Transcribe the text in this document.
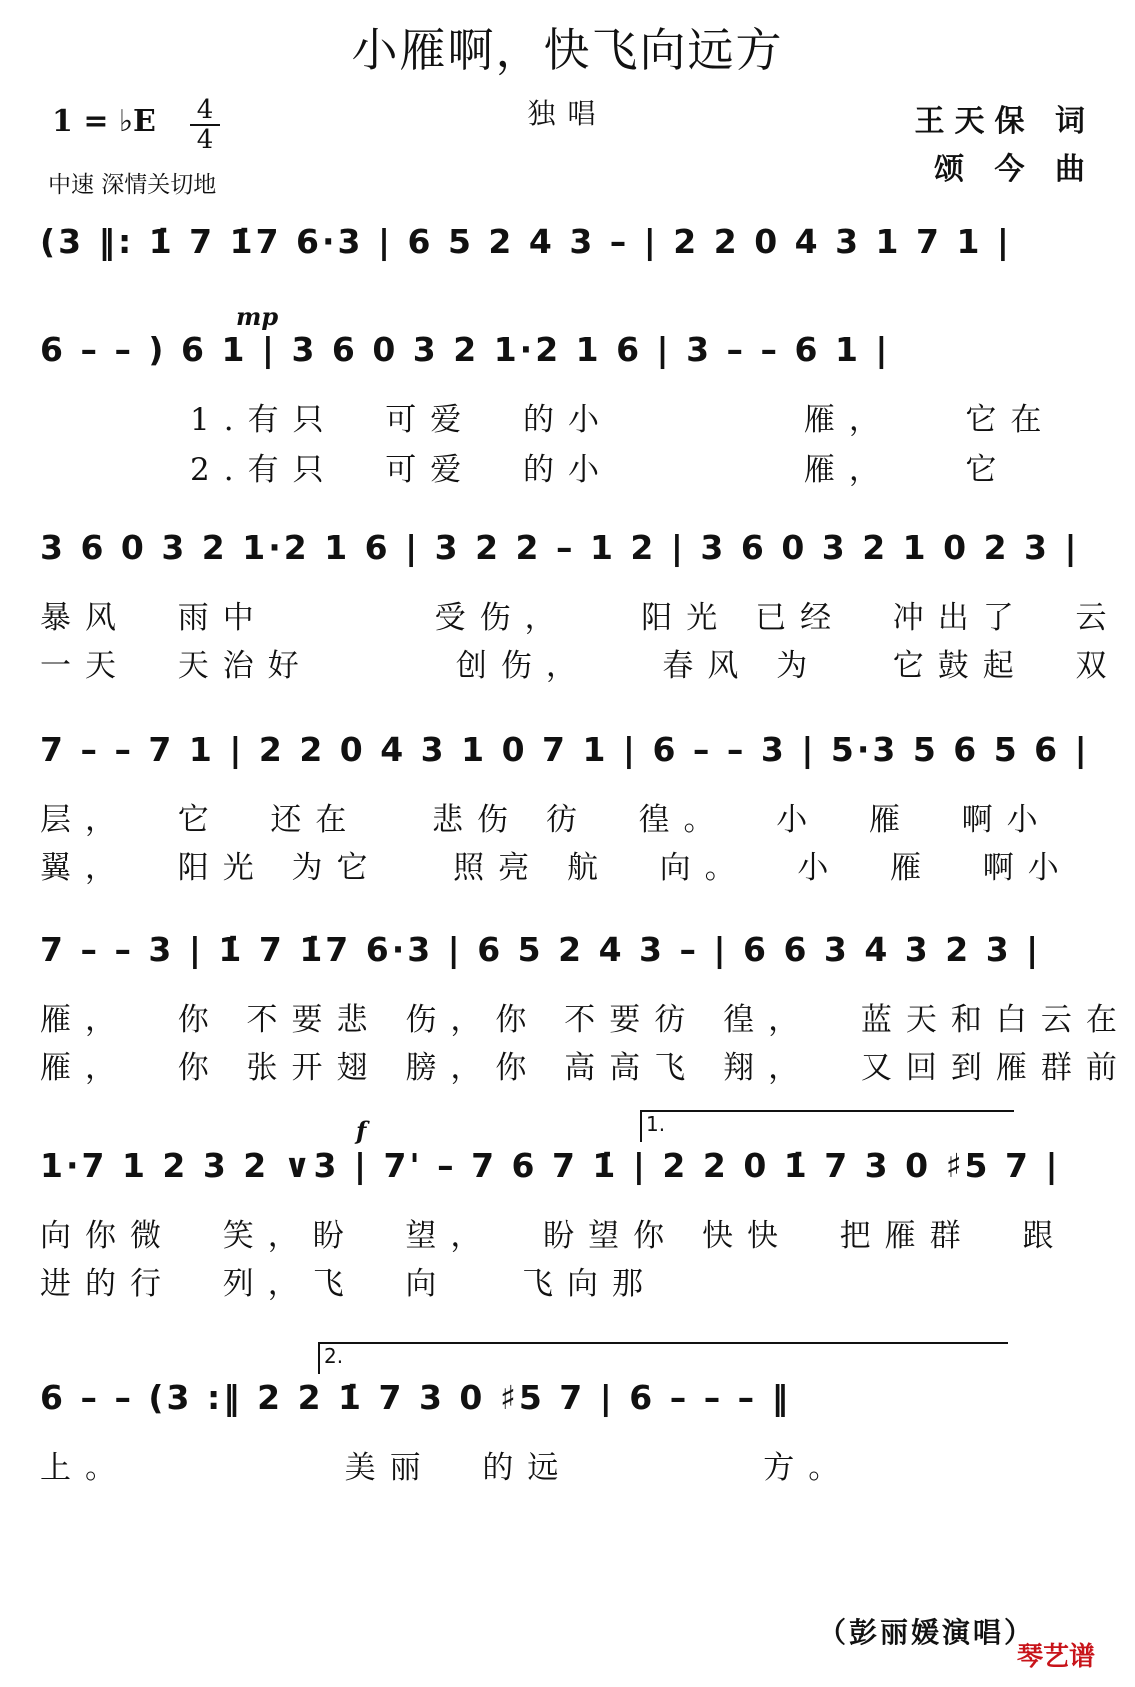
小雁啊，快飞向远方
独唱
1 = ♭E 4
4
中速 深情关切地
王天保 词
颂 今 曲
(3 ‖: 1̇ 7 1̇7 6·3 | 6 5 2 4 3 – | 2 2 0 4 3 1 7 1 |
mp
6 – – ) 6 1 | 3 6 0 3 2 1·2 1 6 | 3 – – 6 1 |
1.有只  可爱  的小        雁，   它在
2.有只  可爱  的小        雁，   它
3 6 0 3 2 1·2 1 6 | 3 2 2 – 1 2 | 3 6 0 3 2 1 0 2 3 |
暴风  雨中       受伤，   阳光 已经  冲出了  云
一天  天治好      创伤，   春风 为   它鼓起  双
7 – – 7 1 | 2 2 0 4 3 1 0 7 1 | 6 – – 3 | 5·3 5 6 5 6 |
层，  它  还在   悲伤 彷  徨。  小  雁  啊小
翼，  阳光 为它   照亮 航  向。  小  雁  啊小
7 – – 3 | 1̇ 7 1̇7 6·3 | 6 5 2 4 3 – | 6 6 3 4 3 2 3 |
雁，  你 不要悲 伤，你 不要彷 徨，  蓝天和白云在
雁，  你 张开翅 膀，你 高高飞 翔，  又回到雁群前
f	1.
1·7 1 2 3 2 ∨3 | 7' – 7 6 7 1̇ | 2 2 0 1̇ 7 3 0 ♯5 7 |
向你微  笑，盼  望，  盼望你 快快  把雁群  跟
进的行  列，飞  向   飞向那
2.
6 – – (3 :‖ 2 2 1̇ 7 3 0 ♯5 7 | 6 – – – ‖
上。         美丽  的远        方。
（彭丽媛演唱）
琴艺谱
